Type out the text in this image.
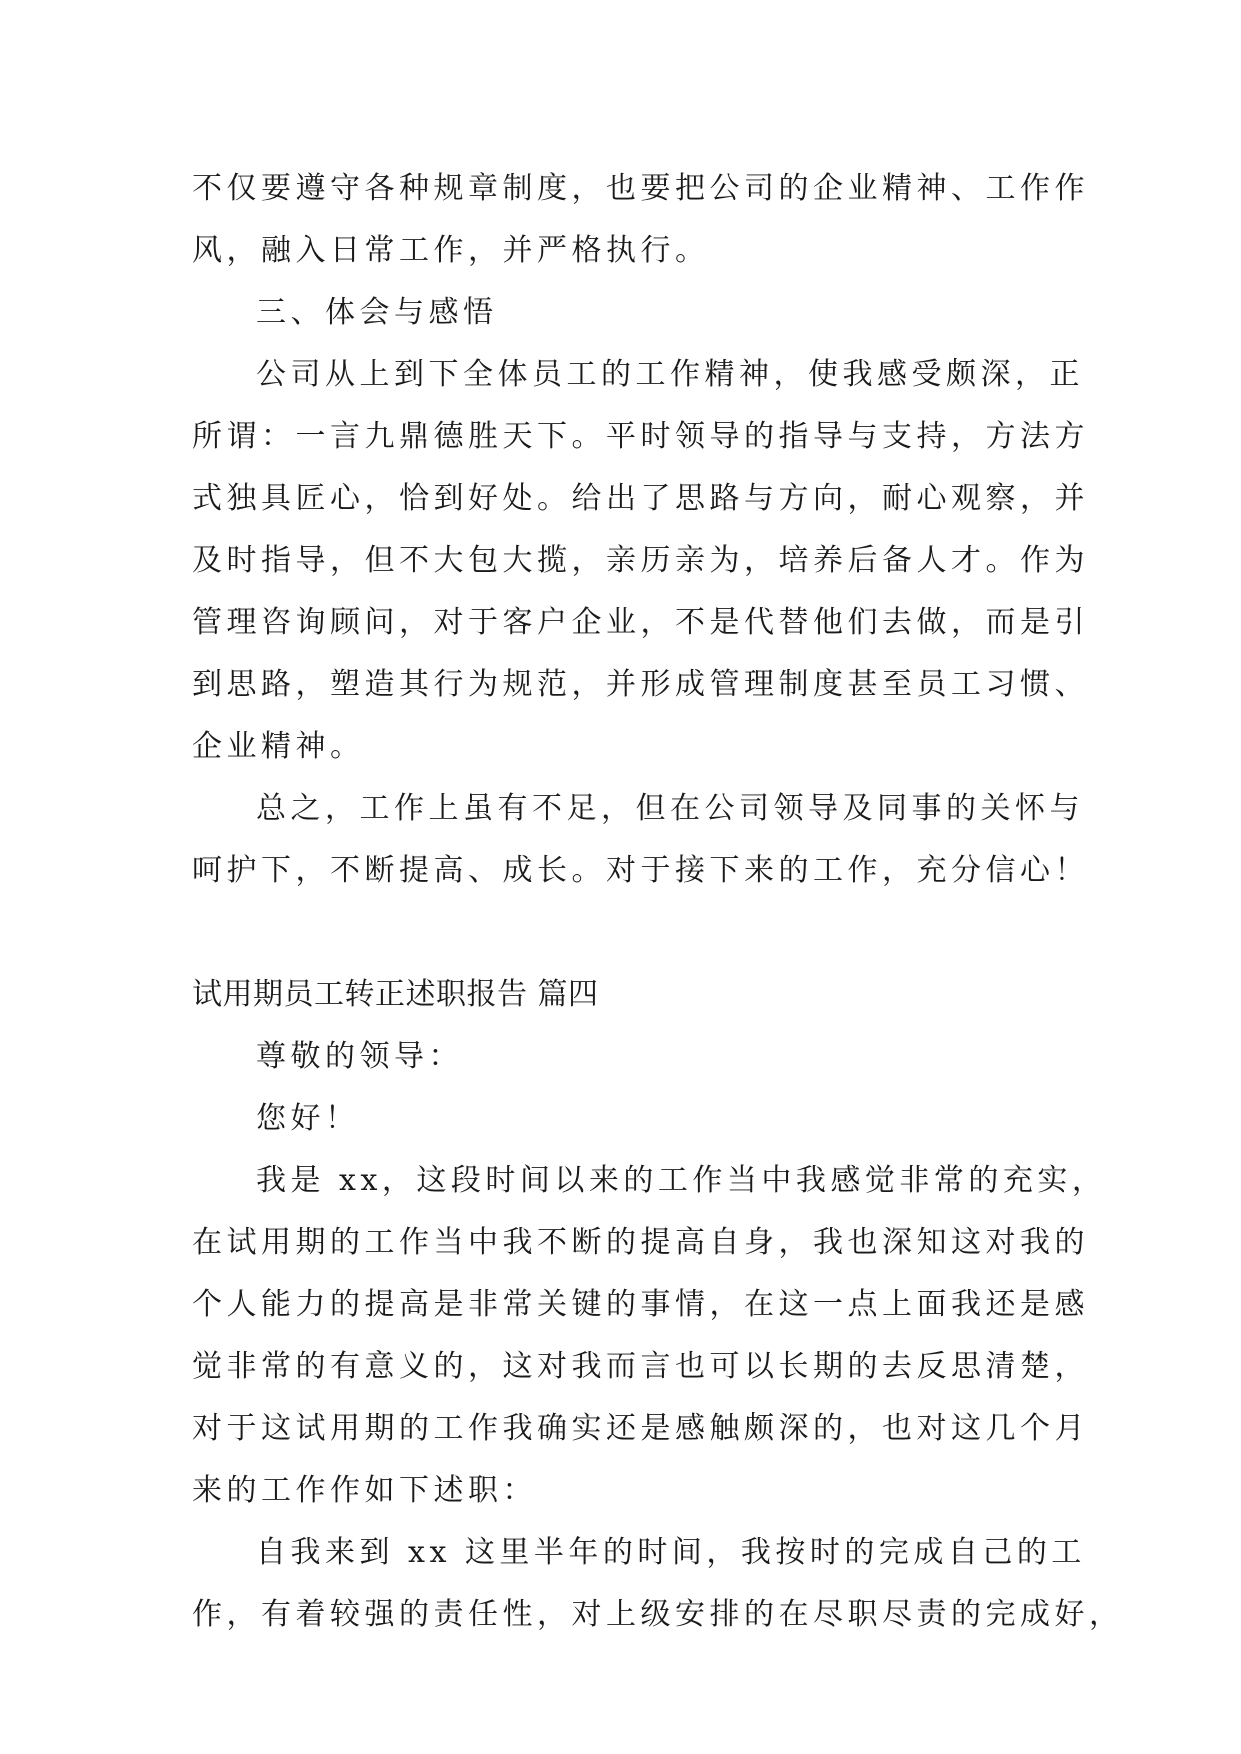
不仅要遵守各种规章制度，也要把公司的企业精神、工作作
风，融入日常工作，并严格执行。
三、体会与感悟
公司从上到下全体员工的工作精神，使我感受颇深，正
所谓：一言九鼎德胜天下。平时领导的指导与支持，方法方
式独具匠心，恰到好处。给出了思路与方向，耐心观察，并
及时指导，但不大包大揽，亲历亲为，培养后备人才。作为
管理咨询顾问，对于客户企业，不是代替他们去做，而是引
到思路，塑造其行为规范，并形成管理制度甚至员工习惯、
企业精神。
总之，工作上虽有不足，但在公司领导及同事的关怀与
呵护下，不断提高、成长。对于接下来的工作，充分信心！
试用期员工转正述职报告 篇四
尊敬的领导：
您好！
我是 xx，这段时间以来的工作当中我感觉非常的充实，
在试用期的工作当中我不断的提高自身，我也深知这对我的
个人能力的提高是非常关键的事情，在这一点上面我还是感
觉非常的有意义的，这对我而言也可以长期的去反思清楚，
对于这试用期的工作我确实还是感触颇深的，也对这几个月
来的工作作如下述职：
自我来到 xx 这里半年的时间，我按时的完成自己的工
作，有着较强的责任性，对上级安排的在尽职尽责的完成好，
